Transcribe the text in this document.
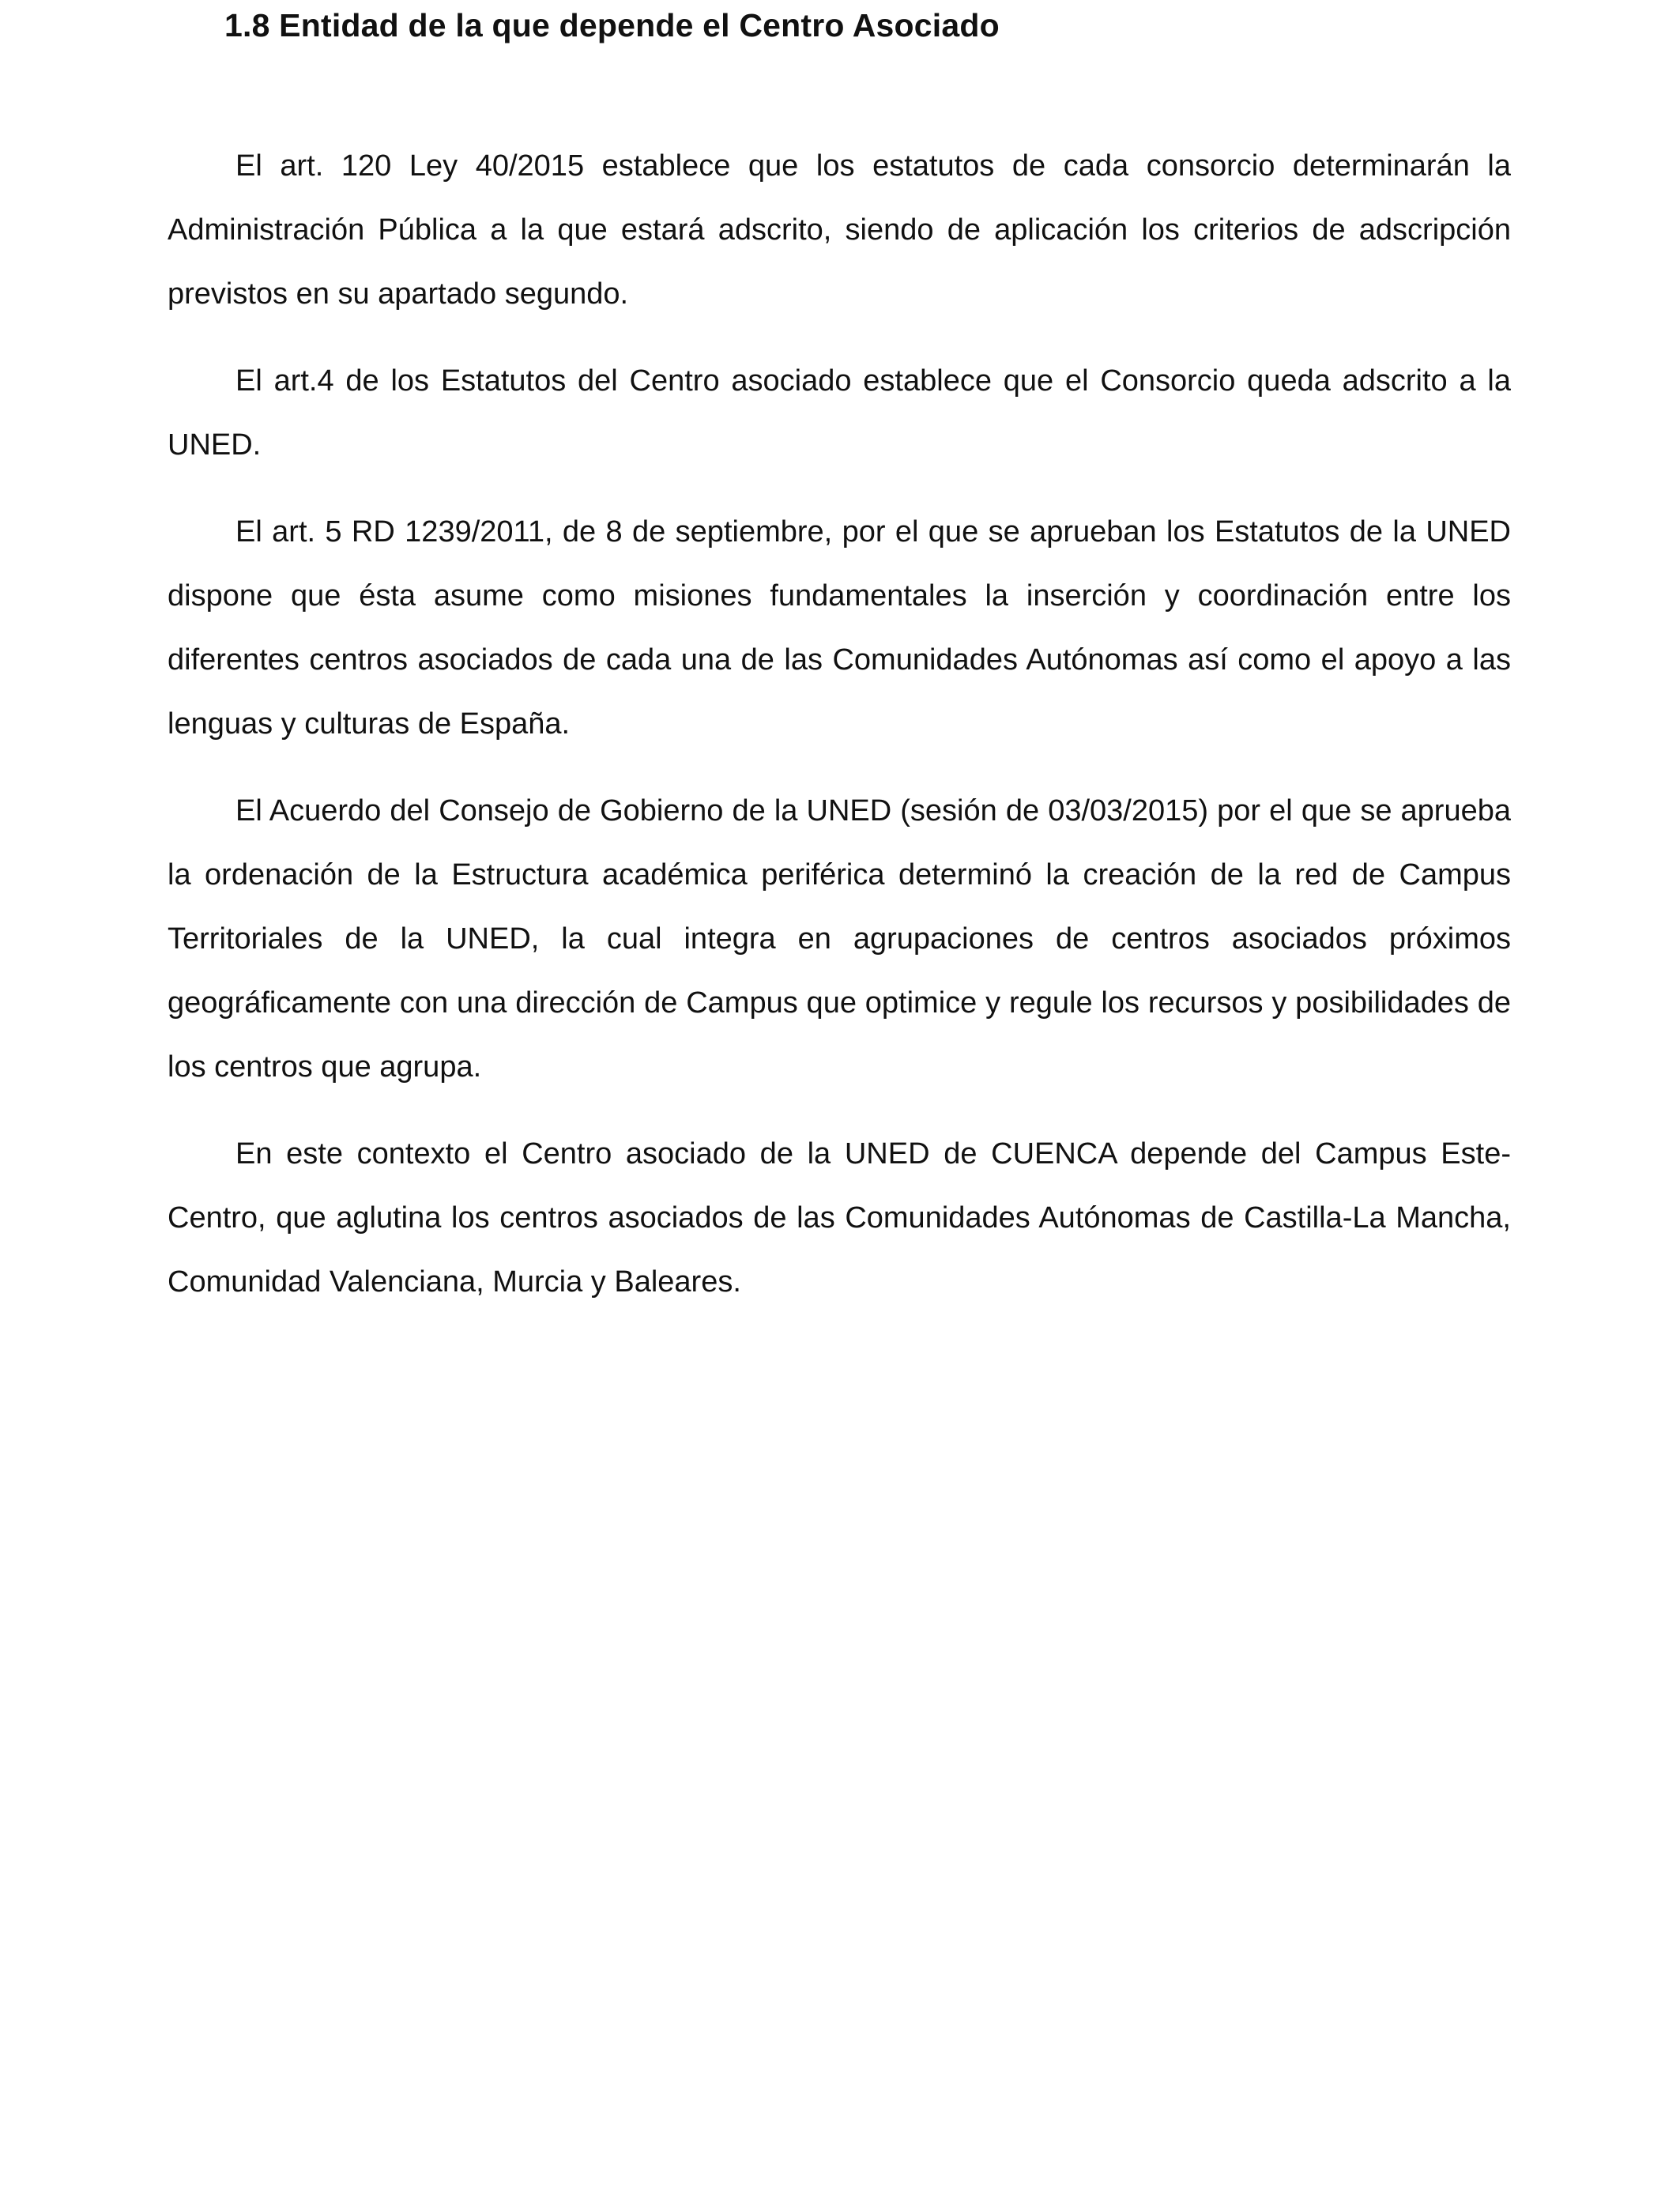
1.8 Entidad de la que depende el Centro Asociado

El art. 120 Ley 40/2015 establece que los estatutos de cada consorcio determinarán la Administración Pública a la que estará adscrito, siendo de aplicación los criterios de adscripción previstos en su apartado segundo.

El art.4 de los Estatutos del Centro asociado establece que el Consorcio queda adscrito a la UNED.

El art. 5 RD 1239/2011, de 8 de septiembre, por el que se aprueban los Estatutos de la UNED dispone que ésta asume como misiones fundamentales la inserción y coordinación entre los diferentes centros asociados de cada una de las Comunidades Autónomas así como el apoyo a las lenguas y culturas de España.

El Acuerdo del Consejo de Gobierno de la UNED (sesión de 03/03/2015) por el que se aprueba la ordenación de la Estructura académica periférica determinó la creación de la red de Campus Territoriales de la UNED, la cual integra en agrupaciones de centros asociados próximos geográficamente con una dirección de Campus que optimice y regule los recursos y posibilidades de los centros que agrupa.

En este contexto el Centro asociado de la UNED de CUENCA depende del Campus Este-Centro, que aglutina los centros asociados de las Comunidades Autónomas de Castilla-La Mancha, Comunidad Valenciana, Murcia y Baleares.
